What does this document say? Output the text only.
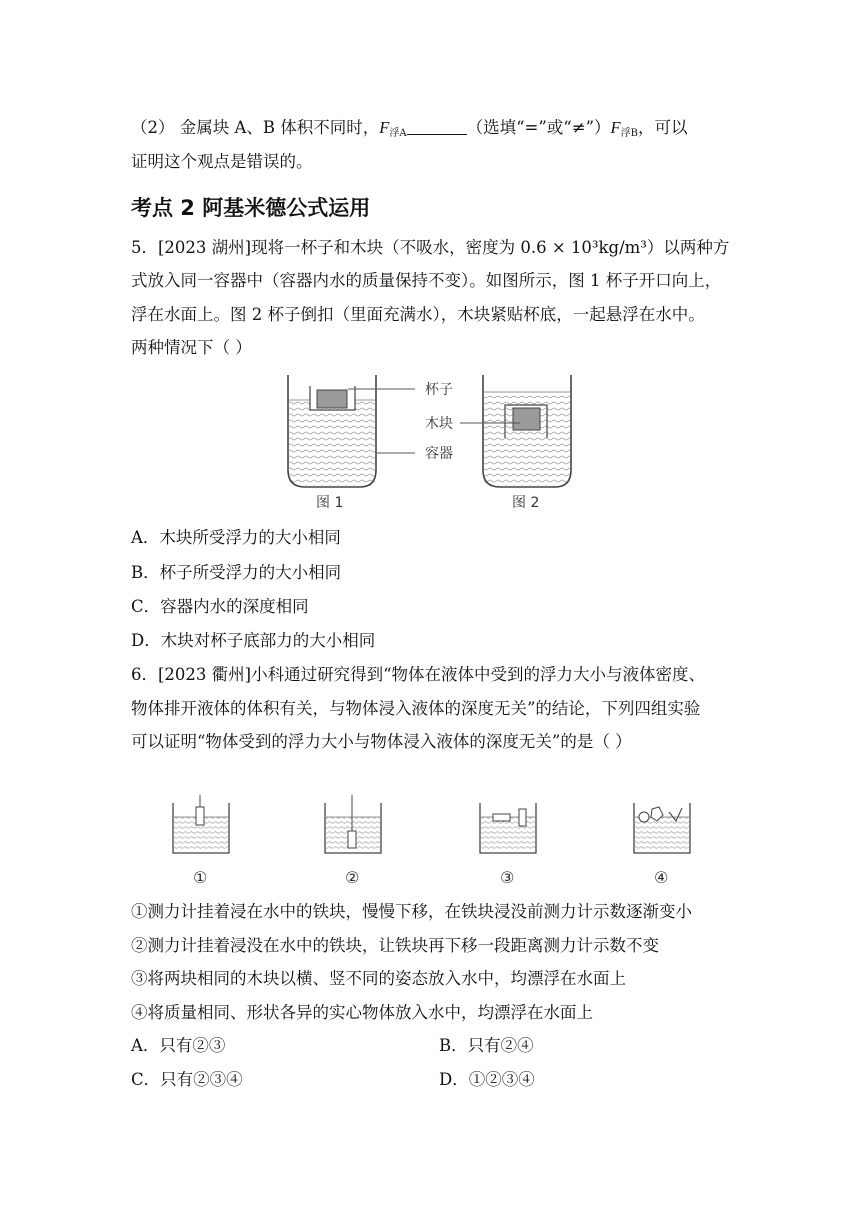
（2） 金属块 A、B 体积不同时，$F_{浮A}$	（选填“=”或“$\ne”)F_{浮B}$，可以
证明这个观点是错误的。
考点 2 阿基米德公式运用
5．[2023 湖州]现将一杯子和木块（不吸水，密度为 0.6 × 10³kg/m³）以两种方
式放入同一容器中（容器内水的质量保持不变）。如图所示，图 1 杯子开口向上，
浮在水面上。图 2 杯子倒扣（里面充满水），木块紧贴杯底，一起悬浮在水中。
两种情况下（ ）
杯子
木块
容器
图 1	图 2
A．木块所受浮力的大小相同
B．杯子所受浮力的大小相同
C．容器内水的深度相同
D．木块对杯子底部力的大小相同
6．[2023 衢州]小科通过研究得到“物体在液体中受到的浮力大小与液体密度、
物体排开液体的体积有关，与物体浸入液体的深度无关”的结论，下列四组实验
可以证明“物体受到的浮力大小与物体浸入液体的深度无关”的是（ ）
①	②	③	④
①测力计挂着浸在水中的铁块，慢慢下移，在铁块浸没前测力计示数逐渐变小
②测力计挂着浸没在水中的铁块，让铁块再下移一段距离测力计示数不变
③将两块相同的木块以横、竖不同的姿态放入水中，均漂浮在水面上
④将质量相同、形状各异的实心物体放入水中，均漂浮在水面上
A．只有②③	B．只有②④
C．只有②③④	D．①②③④
